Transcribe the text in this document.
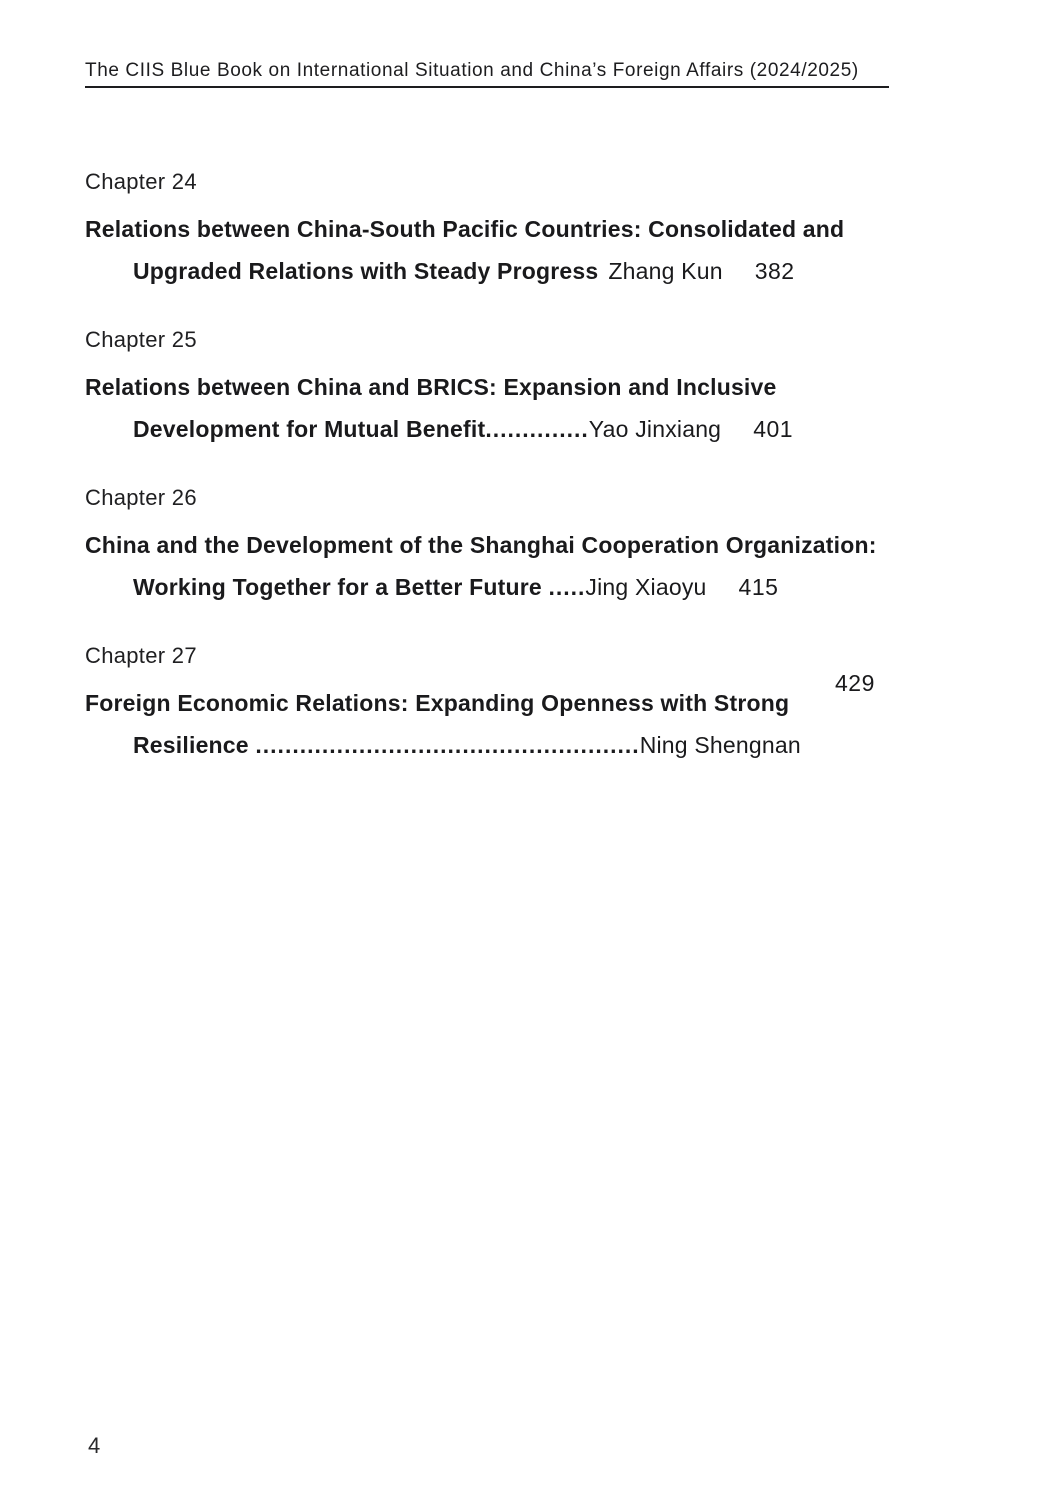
The CIIS Blue Book on International Situation and China’s Foreign Affairs (2024/2025)

Chapter 24

Relations between China-South Pacific Countries: Consolidated and
Upgraded Relations with Steady Progress Zhang Kun 382

Chapter 25

Relations between China and BRICS: Expansion and Inclusive
Development for Mutual Benefit..............Yao Jinxiang 401

Chapter 26

China and the Development of the Shanghai Cooperation Organization:
Working Together for a Better Future .....Jing Xiaoyu 415

Chapter 27

Foreign Economic Relations: Expanding Openness with Strong
429
Resilience ....................................................Ning Shengnan

4
